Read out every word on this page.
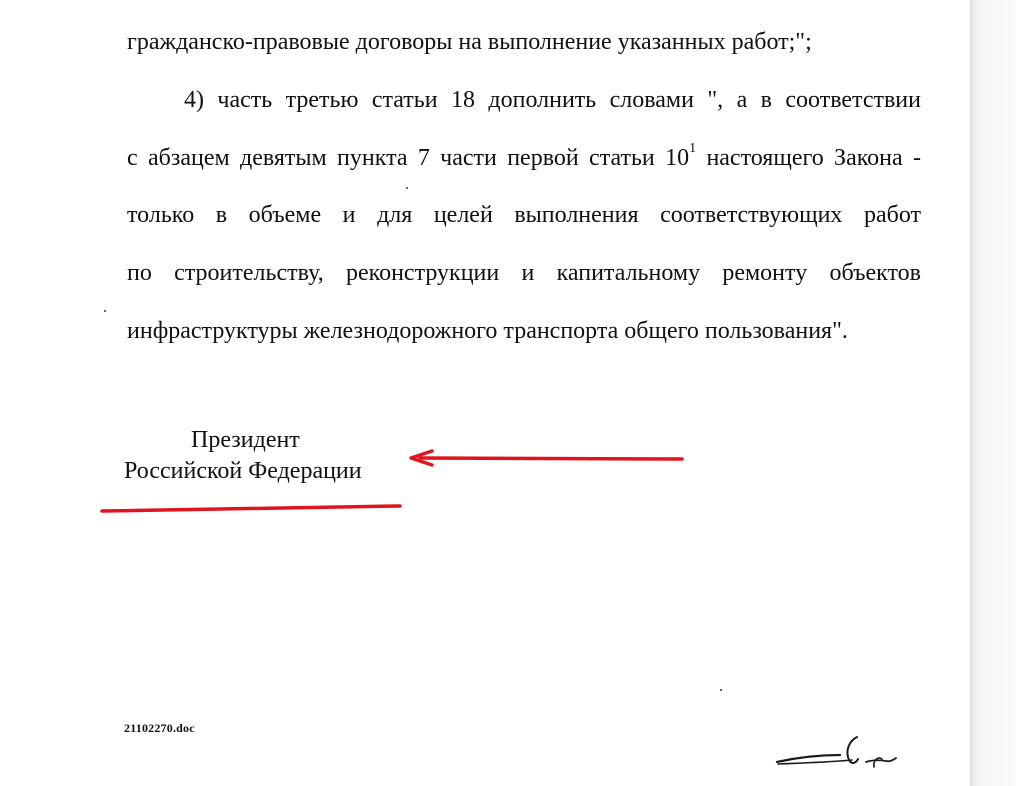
гражданско-правовые договоры на выполнение указанных работ;";
4) часть третью статьи 18 дополнить словами ", а в соответствии
с абзацем девятым пункта 7 части первой статьи $10^1$ настоящего Закона -
только в объеме и для целей выполнения соответствующих работ
по строительству, реконструкции и капитальному ремонту объектов
инфраструктуры железнодорожного транспорта общего пользования".
Президент
Российской Федерации
21102270.doc
